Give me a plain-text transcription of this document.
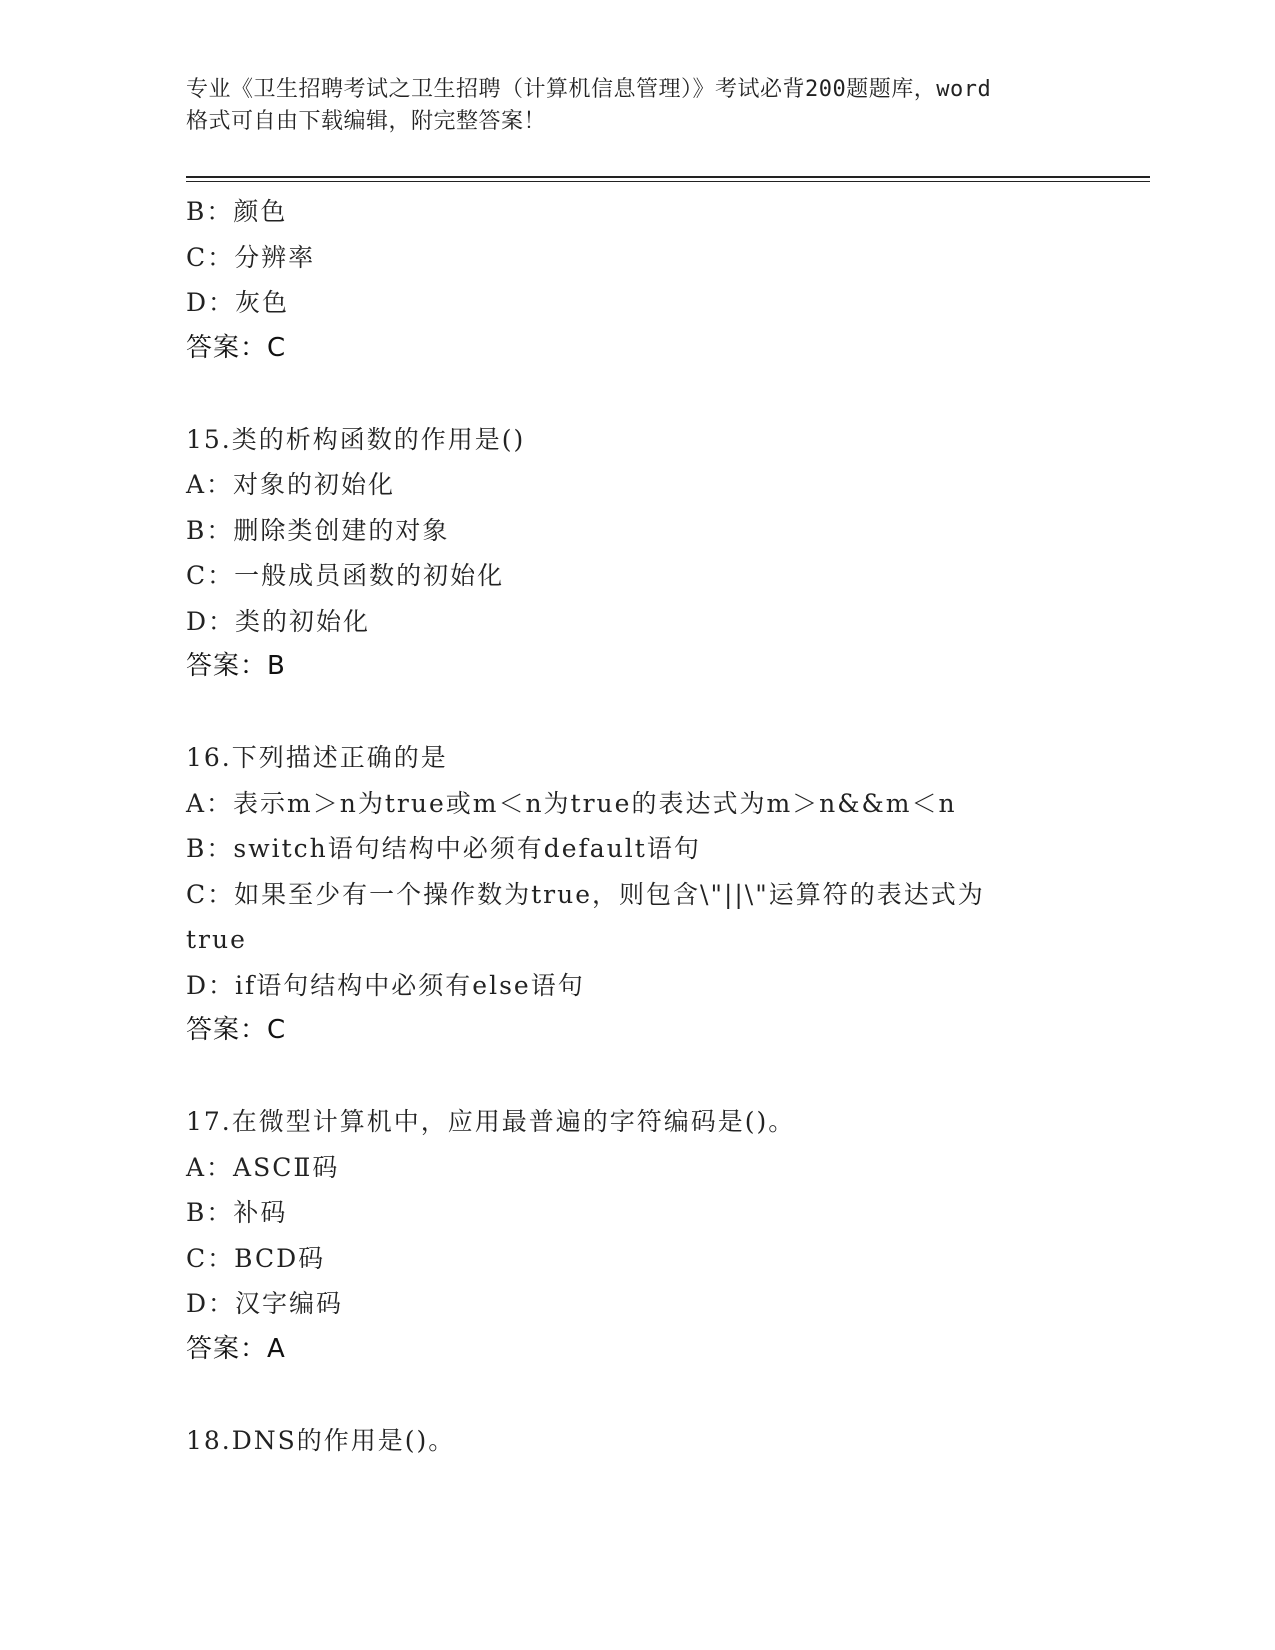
专业《卫生招聘考试之卫生招聘（计算机信息管理）》考试必背200题题库，word
格式可自由下载编辑，附完整答案！
B：颜色
C：分辨率
D：灰色
答案：C
15.类的析构函数的作用是()
A：对象的初始化
B：删除类创建的对象
C：一般成员函数的初始化
D：类的初始化
答案：B
16.下列描述正确的是
A：表示m＞n为true或m＜n为true的表达式为m＞n&&m＜n
B：switch语句结构中必须有default语句
C：如果至少有一个操作数为true，则包含\"||\"运算符的表达式为
true
D：if语句结构中必须有else语句
答案：C
17.在微型计算机中，应用最普遍的字符编码是()。
A：ASCⅡ码
B：补码
C：BCD码
D：汉字编码
答案：A
18.DNS的作用是()。
